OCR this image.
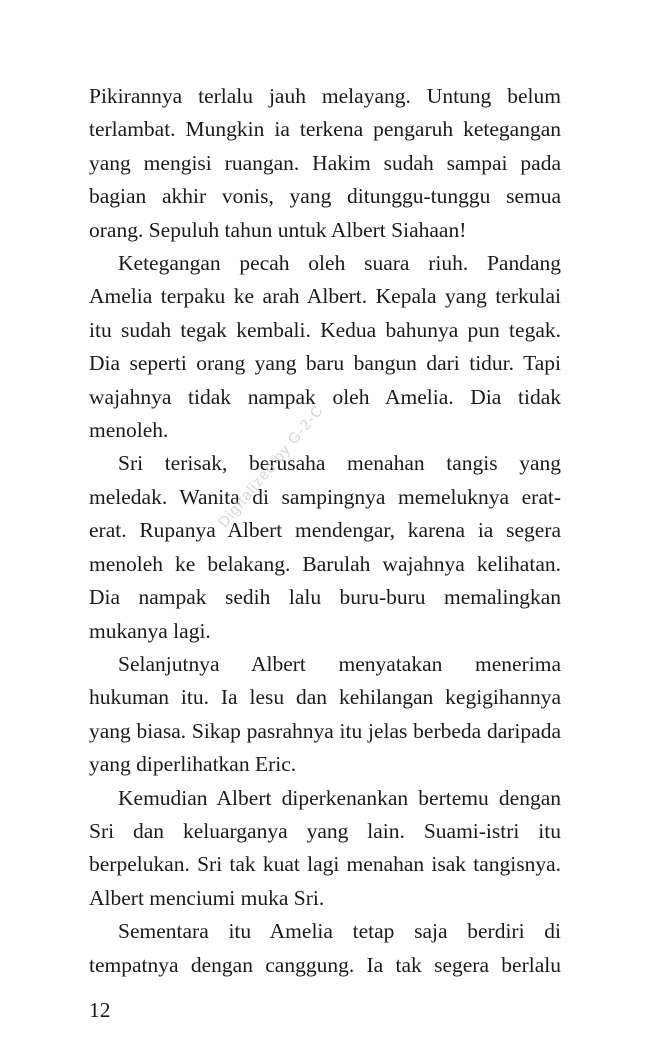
Pikirannya terlalu jauh melayang. Untung belum terlambat. Mungkin ia terkena pengaruh ketegangan yang mengisi ruangan. Hakim sudah sampai pada bagian akhir vonis, yang ditunggu-tunggu semua orang. Sepuluh tahun untuk Albert Siahaan!

Ketegangan pecah oleh suara riuh. Pandang Amelia terpaku ke arah Albert. Kepala yang terkulai itu sudah tegak kembali. Kedua bahunya pun tegak. Dia seperti orang yang baru bangun dari tidur. Tapi wajahnya tidak nampak oleh Amelia. Dia tidak menoleh.

Sri terisak, berusaha menahan tangis yang meledak. Wanita di sampingnya memeluknya erat-erat. Rupanya Albert mendengar, karena ia segera menoleh ke belakang. Barulah wajahnya kelihatan. Dia nampak sedih lalu buru-buru memalingkan mukanya lagi.

Selanjutnya Albert menyatakan menerima hukuman itu. Ia lesu dan kehilangan kegigihannya yang biasa. Sikap pasrahnya itu jelas berbeda daripada yang diperlihatkan Eric.

Kemudian Albert diperkenankan bertemu dengan Sri dan keluarganya yang lain. Suami-istri itu berpelukan. Sri tak kuat lagi menahan isak tangisnya. Albert menciumi muka Sri.

Sementara itu Amelia tetap saja berdiri di tempatnya dengan canggung. Ia tak segera berlalu

Digitalized by G-2-C
12
